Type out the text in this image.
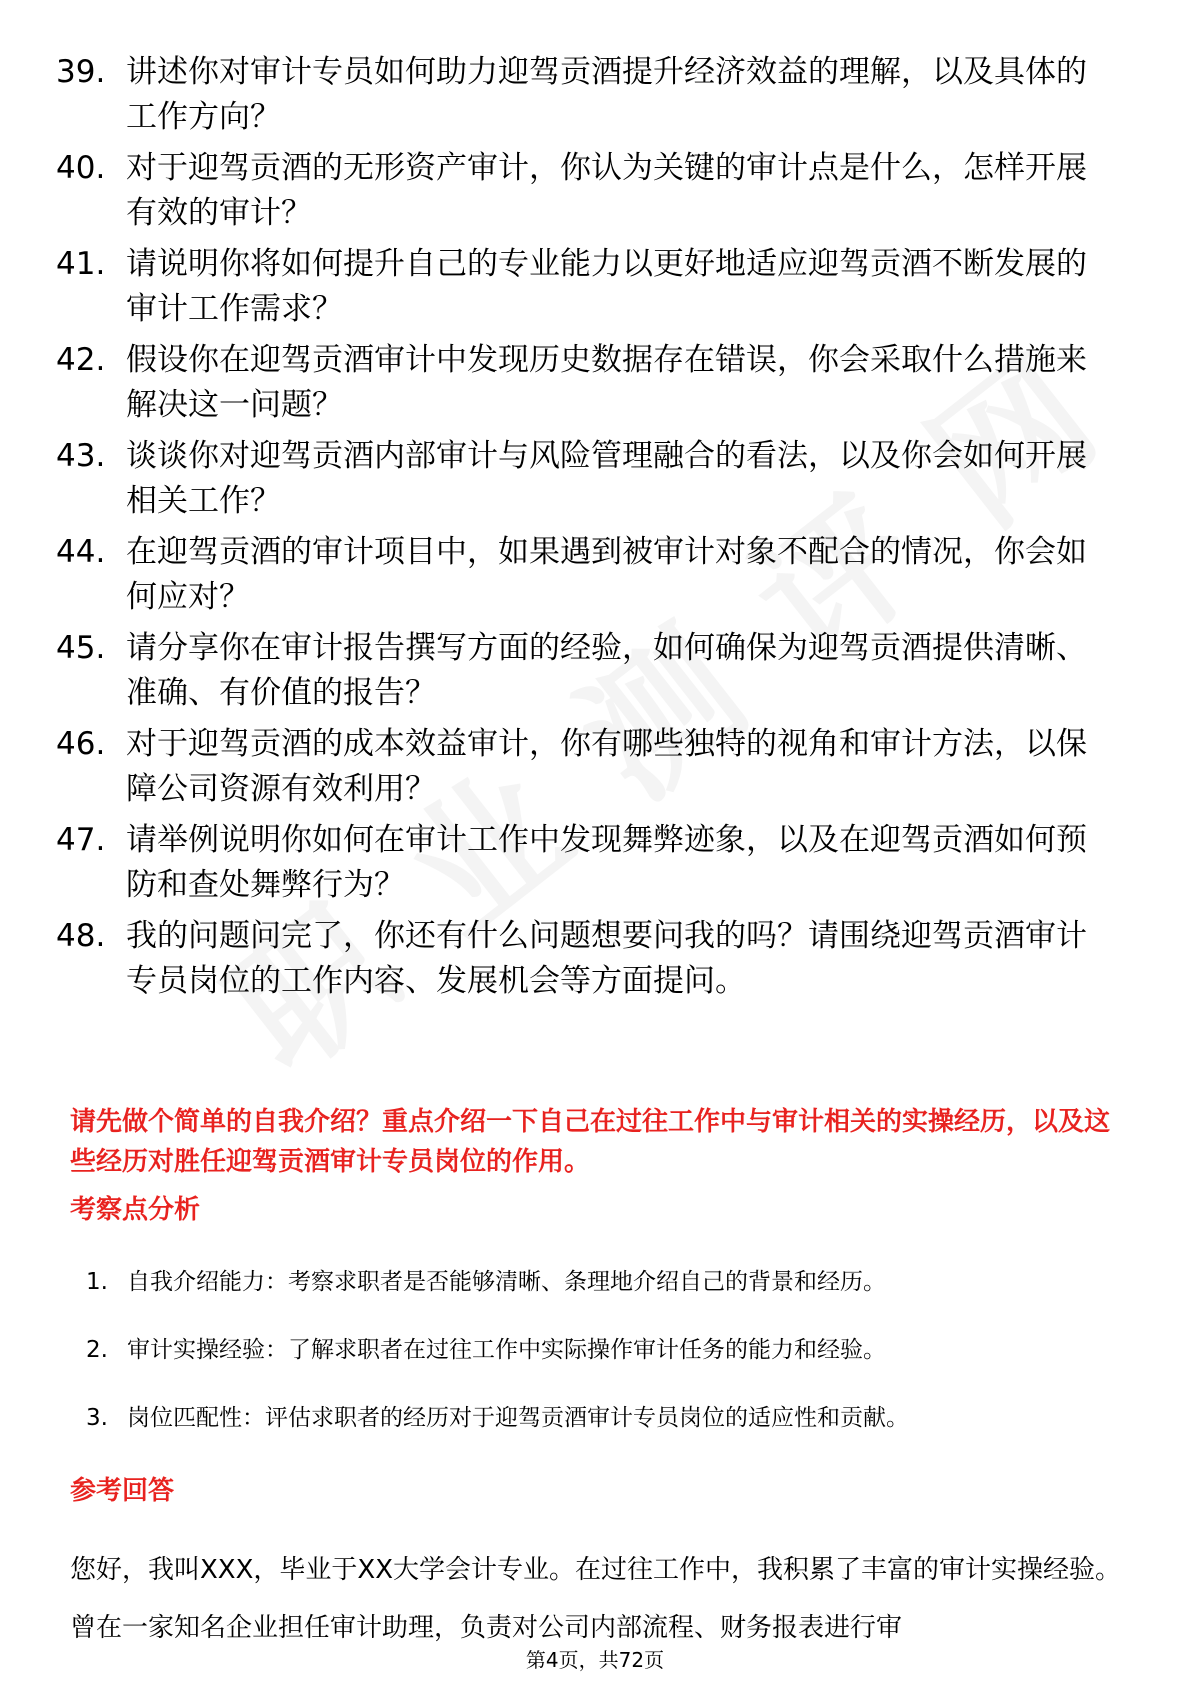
39. 讲述你对审计专员如何助力迎驾贡酒提升经济效益的理解，以及具体的工作方向？
40. 对于迎驾贡酒的无形资产审计，你认为关键的审计点是什么，怎样开展有效的审计？
41. 请说明你将如何提升自己的专业能力以更好地适应迎驾贡酒不断发展的审计工作需求？
42. 假设你在迎驾贡酒审计中发现历史数据存在错误，你会采取什么措施来解决这一问题？
43. 谈谈你对迎驾贡酒内部审计与风险管理融合的看法，以及你会如何开展相关工作？
44. 在迎驾贡酒的审计项目中，如果遇到被审计对象不配合的情况，你会如何应对？
45. 请分享你在审计报告撰写方面的经验，如何确保为迎驾贡酒提供清晰、准确、有价值的报告？
46. 对于迎驾贡酒的成本效益审计，你有哪些独特的视角和审计方法，以保障公司资源有效利用？
47. 请举例说明你如何在审计工作中发现舞弊迹象，以及在迎驾贡酒如何预防和查处舞弊行为？
48. 我的问题问完了，你还有什么问题想要问我的吗？请围绕迎驾贡酒审计专员岗位的工作内容、发展机会等方面提问。
请先做个简单的自我介绍？重点介绍一下自己在过往工作中与审计相关的实操经历，以及这些经历对胜任迎驾贡酒审计专员岗位的作用。
考察点分析
1. 自我介绍能力：考察求职者是否能够清晰、条理地介绍自己的背景和经历。
2. 审计实操经验：了解求职者在过往工作中实际操作审计任务的能力和经验。
3. 岗位匹配性：评估求职者的经历对于迎驾贡酒审计专员岗位的适应性和贡献。
参考回答
您好，我叫XXX，毕业于XX大学会计专业。在过往工作中，我积累了丰富的审计实操经验。曾在一家知名企业担任审计助理，负责对公司内部流程、财务报表进行审
第4页，共72页
